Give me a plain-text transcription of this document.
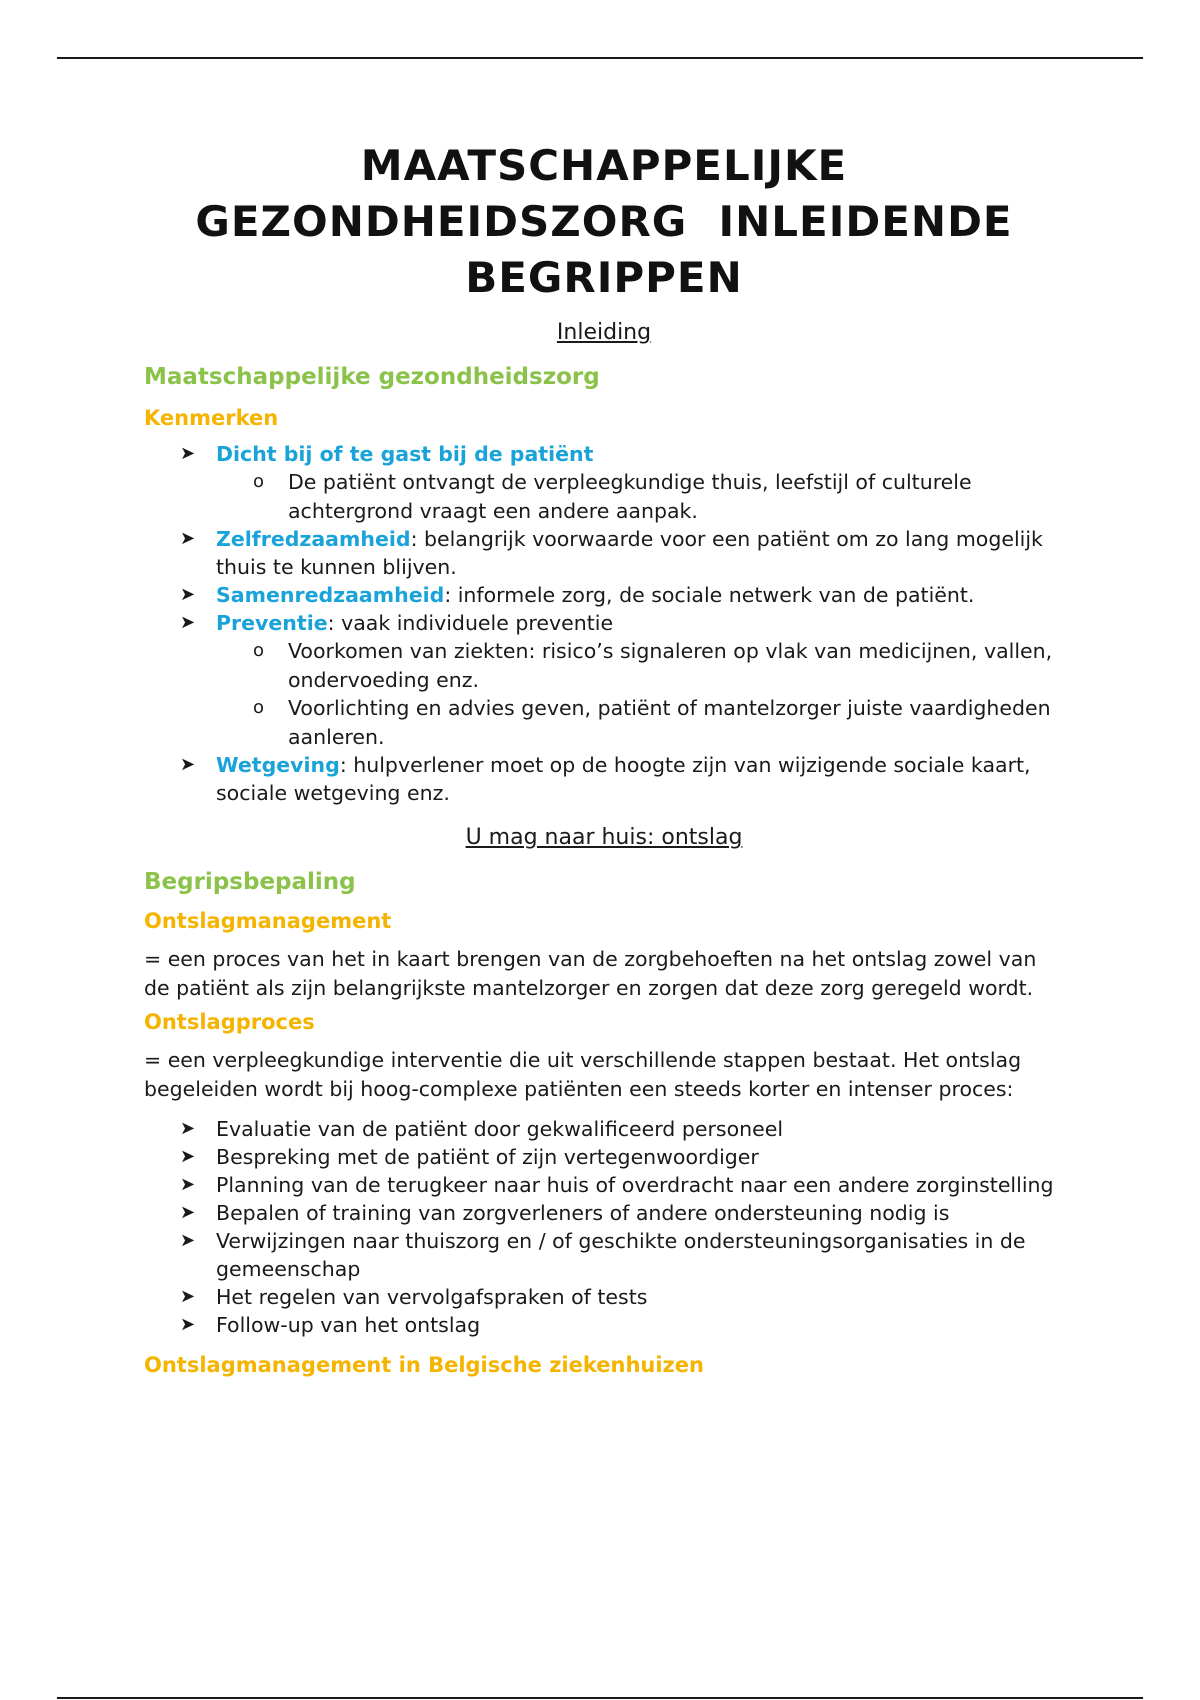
MAATSCHAPPELIJKE
GEZONDHEIDSZORG  INLEIDENDE
BEGRIPPEN
Inleiding
Maatschappelijke gezondheidszorg
Kenmerken
➤ Dicht bij of te gast bij de patiënt
o De patiënt ontvangt de verpleegkundige thuis, leefstijl of culturele achtergrond vraagt een andere aanpak.
➤ Zelfredzaamheid: belangrijk voorwaarde voor een patiënt om zo lang mogelijk thuis te kunnen blijven.
➤ Samenredzaamheid: informele zorg, de sociale netwerk van de patiënt.
➤ Preventie: vaak individuele preventie
o Voorkomen van ziekten: risico’s signaleren op vlak van medicijnen, vallen, ondervoeding enz.
o Voorlichting en advies geven, patiënt of mantelzorger juiste vaardigheden aanleren.
➤ Wetgeving: hulpverlener moet op de hoogte zijn van wijzigende sociale kaart, sociale wetgeving enz.
U mag naar huis: ontslag
Begripsbepaling
Ontslagmanagement

= een proces van het in kaart brengen van de zorgbehoeften na het ontslag zowel van de patiënt als zijn belangrijkste mantelzorger en zorgen dat deze zorg geregeld wordt.

Ontslagproces

= een verpleegkundige interventie die uit verschillende stappen bestaat. Het ontslag begeleiden wordt bij hoog-complexe patiënten een steeds korter en intenser proces:

➤ Evaluatie van de patiënt door gekwalificeerd personeel
➤ Bespreking met de patiënt of zijn vertegenwoordiger
➤ Planning van de terugkeer naar huis of overdracht naar een andere zorginstelling
➤ Bepalen of training van zorgverleners of andere ondersteuning nodig is
➤ Verwijzingen naar thuiszorg en / of geschikte ondersteuningsorganisaties in de gemeenschap
➤ Het regelen van vervolgafspraken of tests
➤ Follow-up van het ontslag
Ontslagmanagement in Belgische ziekenhuizen
